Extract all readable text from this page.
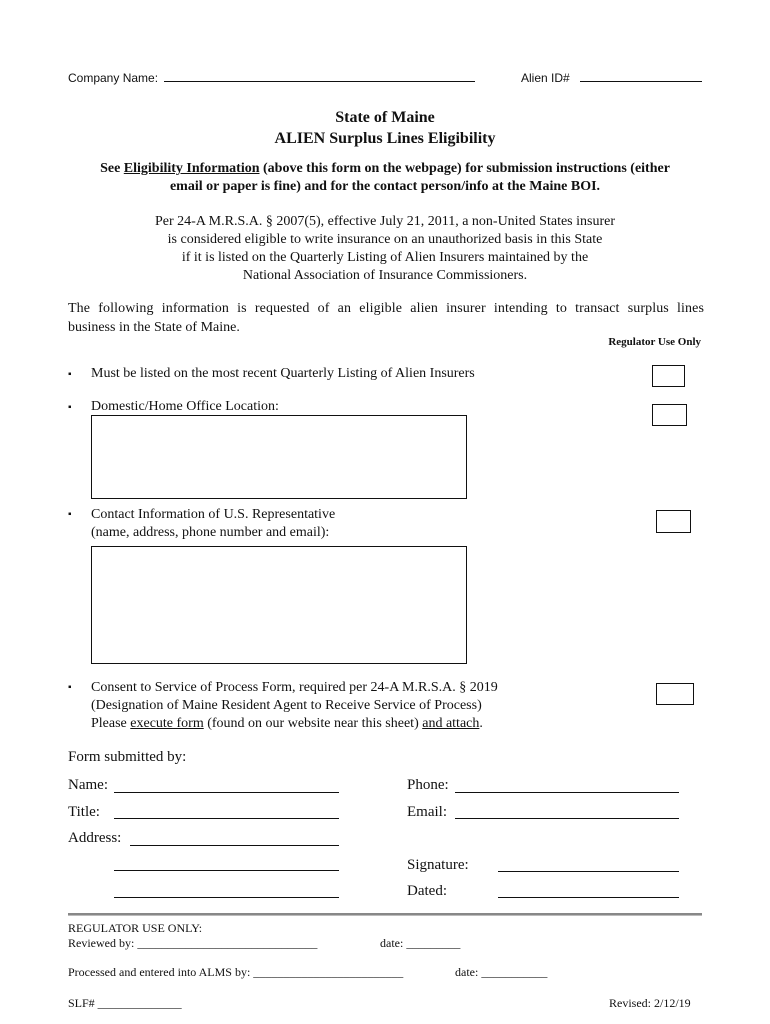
Company Name:	Alien ID#
State of Maine
ALIEN Surplus Lines Eligibility
See Eligibility Information (above this form on the webpage) for submission instructions (either
email or paper is fine) and for the contact person/info at the Maine BOI.
Per 24-A M.R.S.A. § 2007(5), effective July 21, 2011, a non-United States insurer
is considered eligible to write insurance on an unauthorized basis in this State
if it is listed on the Quarterly Listing of Alien Insurers maintained by the
National Association of Insurance Commissioners.
The following information is requested of an eligible alien insurer intending to transact surplus lines
business in the State of Maine.
Regulator Use Only
▪ Must be listed on the most recent Quarterly Listing of Alien Insurers
▪ Domestic/Home Office Location:
▪ Contact Information of U.S. Representative
(name, address, phone number and email):
▪ Consent to Service of Process Form, required per 24-A M.R.S.A. § 2019
(Designation of Maine Resident Agent to Receive Service of Process)
Please execute form (found on our website near this sheet) and attach.
Form submitted by:
Name:	Phone:
Title:	Email:
Address:
Signature:
Dated:
REGULATOR USE ONLY:
Reviewed by: ______________________________	date: _________
Processed and entered into ALMS by: _________________________	date: ___________
SLF# ______________	Revised: 2/12/19
